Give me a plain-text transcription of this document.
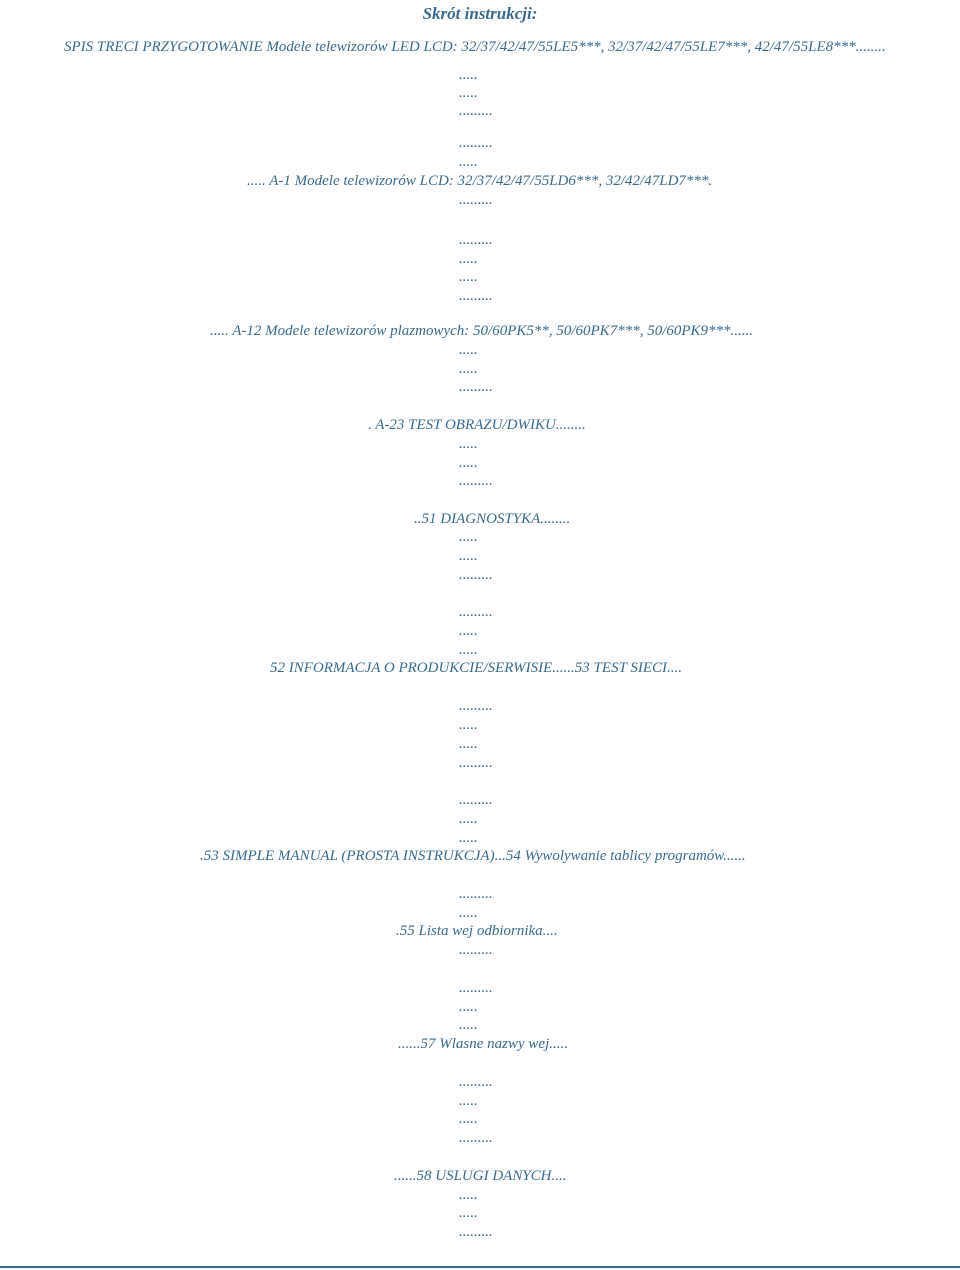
Skrót instrukcji:
SPIS TRECI PRZYGOTOWANIE Modele telewizorów LED LCD: 32/37/42/47/55LE5***, 32/37/42/47/55LE7***, 42/47/55LE8***........
..... A-1 Modele telewizorów LCD: 32/37/42/47/55LD6***, 32/42/47LD7***.
..... A-12 Modele telewizorów plazmowych: 50/60PK5**, 50/60PK7***, 50/60PK9***......
. A-23 TEST OBRAZU/DWIKU........
..51 DIAGNOSTYKA........
52 INFORMACJA O PRODUKCIE/SERWISIE......53 TEST SIECI....
.53 SIMPLE MANUAL (PROSTA INSTRUKCJA)...54 Wywolywanie tablicy programów......
.55 Lista wej odbiornika....
......57 Wlasne nazwy wej.....
......58 USLUGI DANYCH....
.....
.....
.........
.........
.....
.........
.........
.....
.....
.........
.....
.....
.........
.....
.....
.........
.....
.....
.........
.........
.....
.....
.........
.....
.....
.........
.........
.....
.....
.........
.....
.........
.........
.....
.....
.........
.....
.....
.........
.....
.....
.........
